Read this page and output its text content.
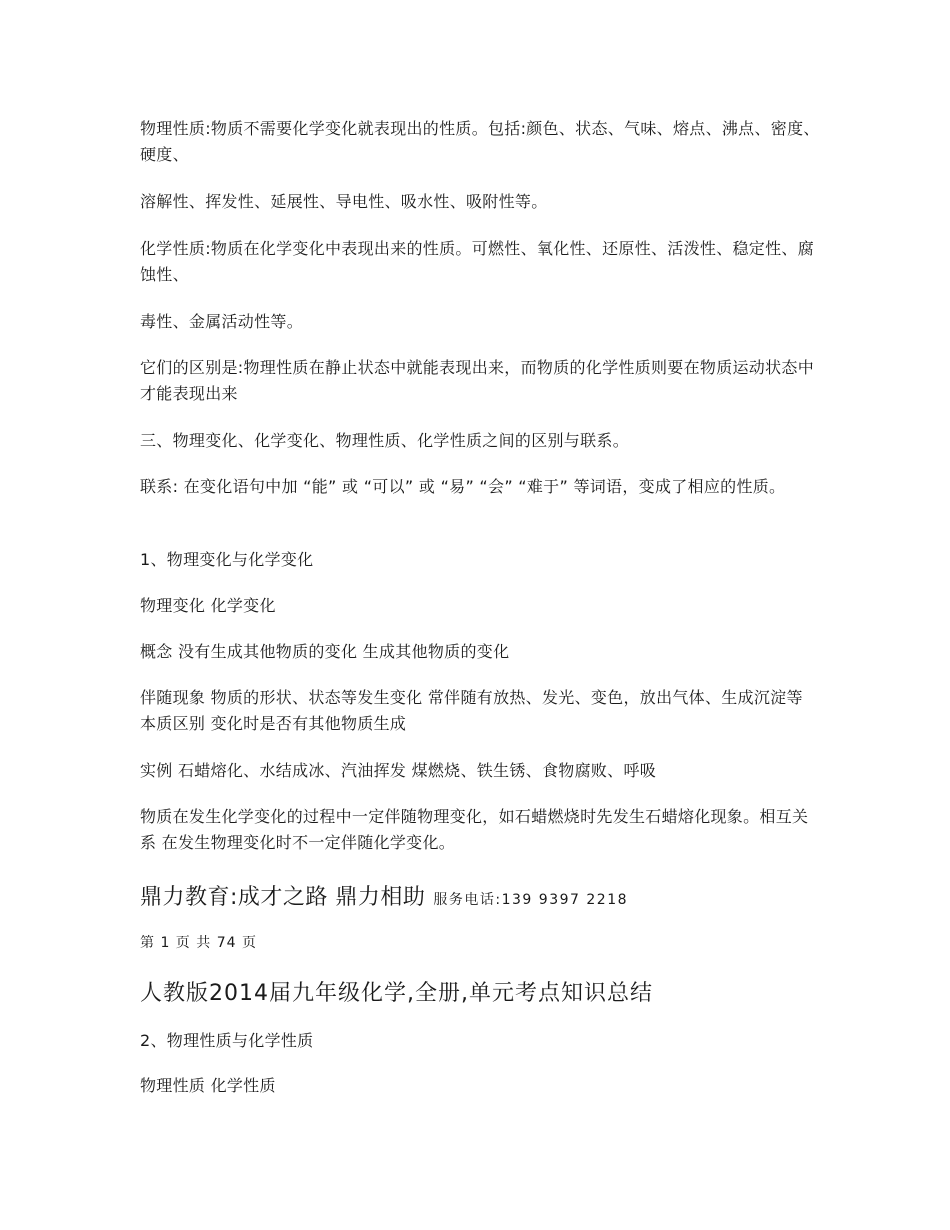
物理性质:物质不需要化学变化就表现出的性质。包括:颜色、状态、气味、熔点、沸点、密度、硬度、

溶解性、挥发性、延展性、导电性、吸水性、吸附性等。

化学性质:物质在化学变化中表现出来的性质。可燃性、氧化性、还原性、活泼性、稳定性、腐蚀性、

毒性、金属活动性等。

它们的区别是:物理性质在静止状态中就能表现出来，而物质的化学性质则要在物质运动状态中才能表现出来

三、物理变化、化学变化、物理性质、化学性质之间的区别与联系。

联系: 在变化语句中加 “能” 或 “可以” 或 “易” “会” “难于” 等词语，变成了相应的性质。

1、物理变化与化学变化

物理变化 化学变化

概念 没有生成其他物质的变化 生成其他物质的变化

伴随现象 物质的形状、状态等发生变化 常伴随有放热、发光、变色，放出气体、生成沉淀等 本质区别 变化时是否有其他物质生成

实例 石蜡熔化、水结成冰、汽油挥发 煤燃烧、铁生锈、食物腐败、呼吸

物质在发生化学变化的过程中一定伴随物理变化，如石蜡燃烧时先发生石蜡熔化现象。相互关系 在发生物理变化时不一定伴随化学变化。

鼎力教育:成才之路 鼎力相助 服务电话:139 9397 2218
第 1 页 共 74 页
人教版2014届九年级化学,全册,单元考点知识总结

2、物理性质与化学性质

物理性质 化学性质
